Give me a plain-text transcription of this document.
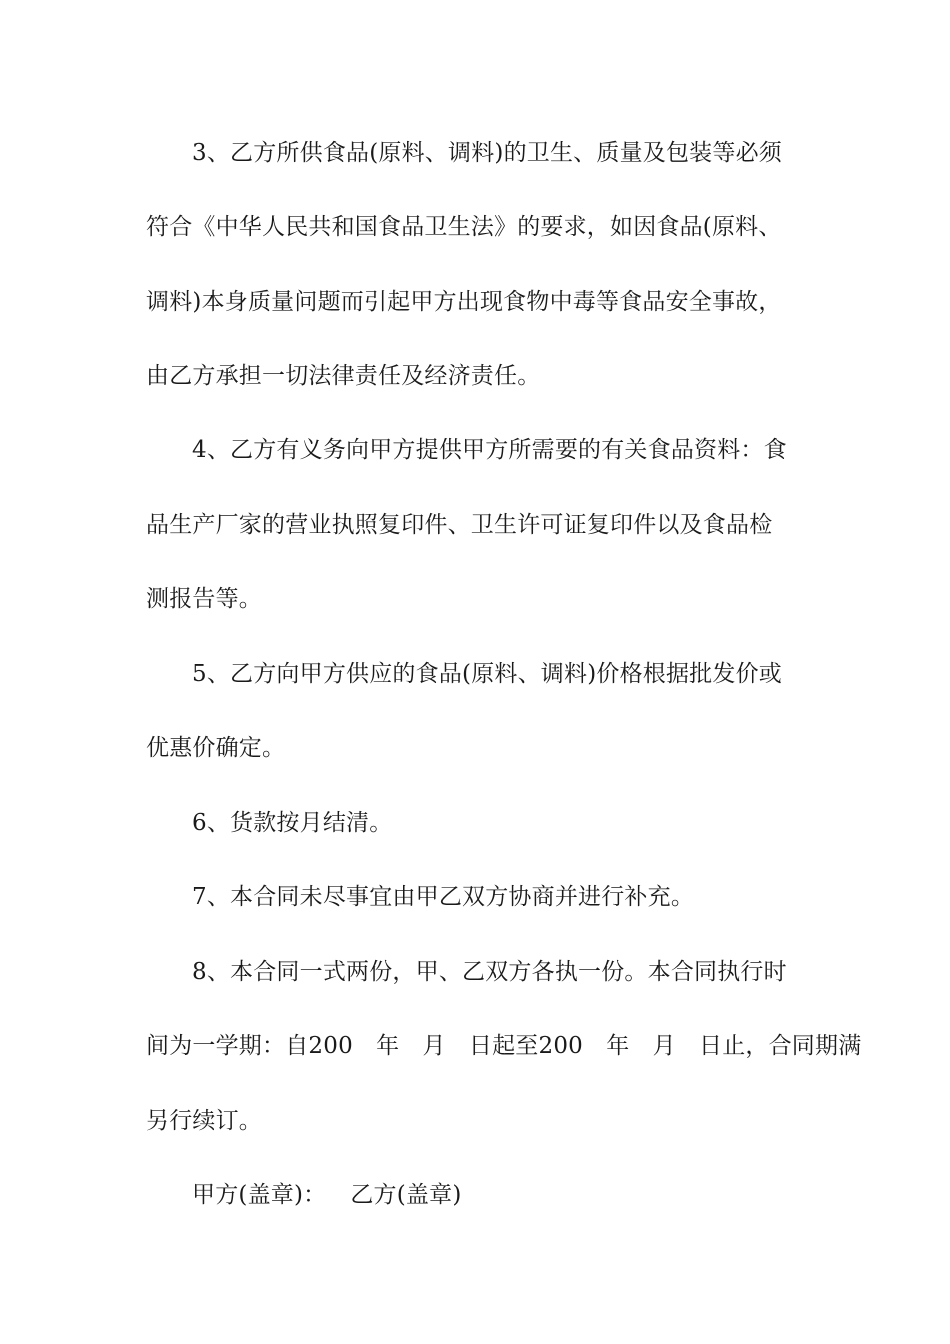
3、乙方所供食品(原料、调料)的卫生、质量及包装等必须
符合《中华人民共和国食品卫生法》的要求，如因食品(原料、
调料)本身质量问题而引起甲方出现食物中毒等食品安全事故，
由乙方承担一切法律责任及经济责任。
4、乙方有义务向甲方提供甲方所需要的有关食品资料：食
品生产厂家的营业执照复印件、卫生许可证复印件以及食品检
测报告等。
5、乙方向甲方供应的食品(原料、调料)价格根据批发价或
优惠价确定。
6、货款按月结清。
7、本合同未尽事宜由甲乙双方协商并进行补充。
8、本合同一式两份，甲、乙双方各执一份。本合同执行时
间为一学期：自200　年　月　日起至200　年　月　日止，合同期满
另行续订。
甲方(盖章)： 乙方(盖章)
